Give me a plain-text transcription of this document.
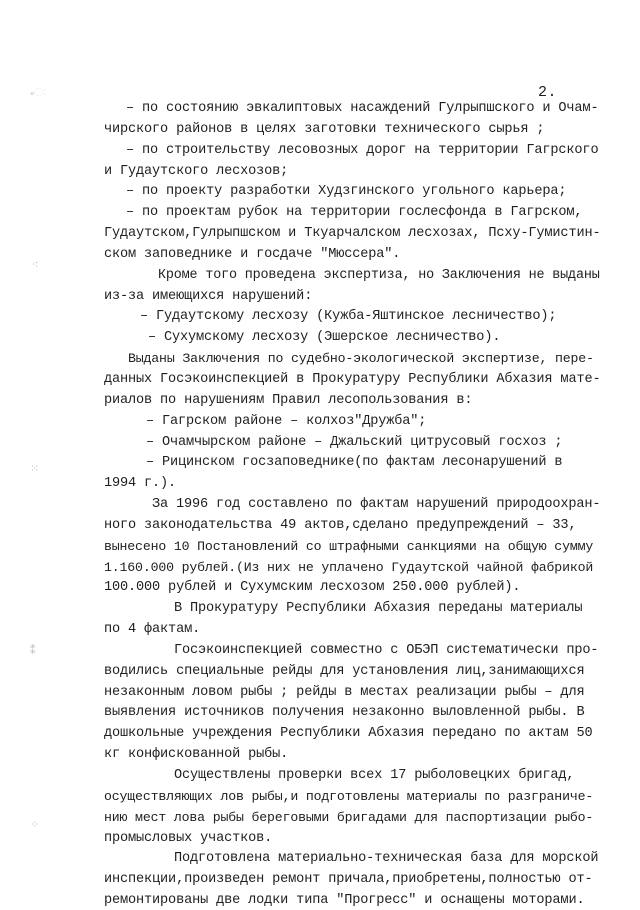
◦ઃ
⁖
⁙
⁑
⁘
2.
– по состоянию эвкалиптовых насаждений Гулрыпшского и Очам-
чирского районов в целях заготовки технического сырья ;
– по строительству лесовозных дорог на территории Гагрского
и Гудаутского лесхозов;
– по проекту разработки Худзгинского угольного карьера;
– по проектам рубок на территории гослесфонда в Гагрском,
Гудаутском,Гулрыпшском и Ткуарчалском лесхозах, Псху-Гумистин-
ском заповеднике и госдаче "Мюссера".
Кроме того проведена экспертиза, но Заключения не выданы
из-за имеющихся нарушений:
– Гудаутскому лесхозу (Кужба-Яштинское лесничество);
– Сухумскому лесхозу (Эшерское лесничество).
Выданы Заключения по судебно-экологической экспертизе, пере-
данных Госэкоинспекцией в Прокуратуру Республики Абхазия мате-
риалов по нарушениям Правил лесопользования в:
– Гагрском районе – колхоз"Дружба";
– Очамчырском районе – Джальский цитрусовый госхоз ;
– Рицинском госзаповеднике(по фактам лесонарушений в
1994 г.).
За 1996 год составлено по фактам нарушений природоохран-
ного законодательства 49 актов,сделано предупреждений – 33,
вынесено 10 Постановлений со штрафными санкциями на общую сумму
1.160.000 рублей.(Из них не уплачено Гудаутской чайной фабрикой
100.000 рублей и Сухумским лесхозом 250.000 рублей).
В Прокуратуру Республики Абхазия переданы материалы
по 4 фактам.
Госэкоинспекцией совместно с ОБЭП систематически про-
водились специальные рейды для установления лиц,занимающихся
незаконным ловом рыбы ; рейды в местах реализации рыбы – для
выявления источников получения незаконно выловленной рыбы. В
дошкольные учреждения Республики Абхазия передано по актам 50
кг конфискованной рыбы.
Осуществлены проверки всех 17 рыболовецких бригад,
осуществляющих лов рыбы,и подготовлены материалы по разграниче-
нию мест лова рыбы береговыми бригадами для паспортизации рыбо-
промысловых участков.
Подготовлена материально-техническая база для морской
инспекции,произведен ремонт причала,приобретены,полностью от-
ремонтированы две лодки типа "Прогресс" и оснащены моторами.
